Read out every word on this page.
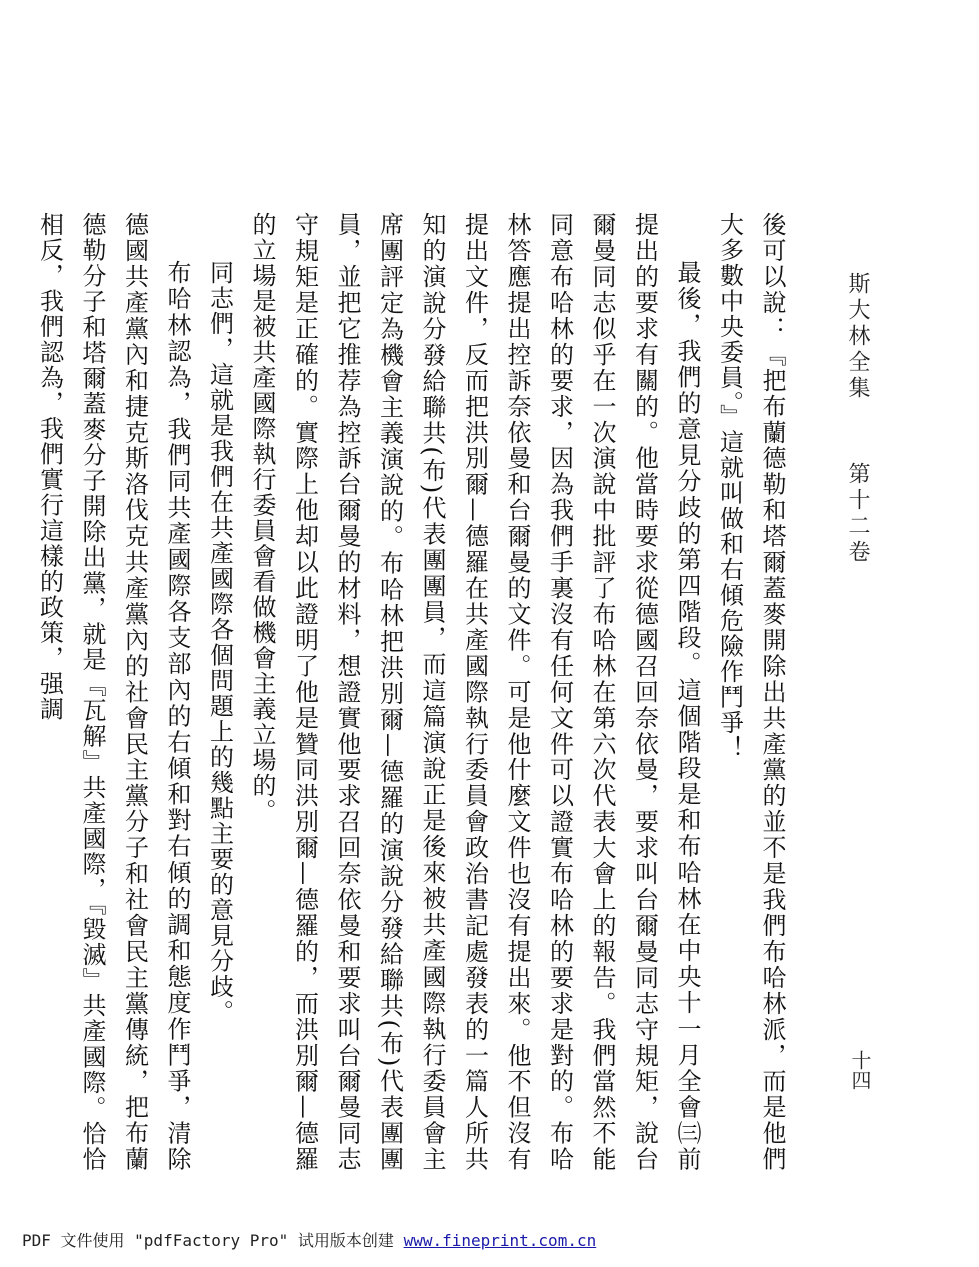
斯大林全集第十二卷
十四

後可以說：『把布蘭德勒和塔爾蓋麥開除出共產黨的並不是我們布哈林派，而是他們大多數中央委員。』這就叫做和右傾危險作鬥爭！

最後，我們的意見分歧的第四階段。這個階段是和布哈林在中央十一月全會㈢前提出的要求有關的。他當時要求從德國召回奈依曼，要求叫台爾曼同志守規矩，說台爾曼同志似乎在一次演說中批評了布哈林在第六次代表大會上的報告。我們當然不能同意布哈林的要求，因為我們手裏沒有任何文件可以證實布哈林的要求是對的。布哈林答應提出控訴奈依曼和台爾曼的文件。可是他什麼文件也沒有提出來。他不但沒有提出文件，反而把洪別爾—德羅在共產國際執行委員會政治書記處發表的一篇人所共知的演說分發給聯共(布)代表團團員，而這篇演說正是後來被共產國際執行委員會主席團評定為機會主義演說的。布哈林把洪別爾—德羅的演說分發給聯共(布)代表團團員，並把它推荐為控訴台爾曼的材料，想證實他要求召回奈依曼和要求叫台爾曼同志守規矩是正確的。實際上他却以此證明了他是贊同洪別爾—德羅的，而洪別爾—德羅的立場是被共產國際執行委員會看做機會主義立場的。

同志們，這就是我們在共產國際各個問題上的幾點主要的意見分歧。

布哈林認為，我們同共產國際各支部內的右傾和對右傾的調和態度作鬥爭，清除德國共產黨內和捷克斯洛伐克共產黨內的社會民主黨分子和社會民主黨傳統，把布蘭德勒分子和塔爾蓋麥分子開除出黨，就是『瓦解』共產國際，『毀滅』共產國際。恰恰相反，我們認為，我們實行這樣的政策，强調

PDF 文件使用 "pdfFactory Pro" 试用版本创建 www.fineprint.com.cn
